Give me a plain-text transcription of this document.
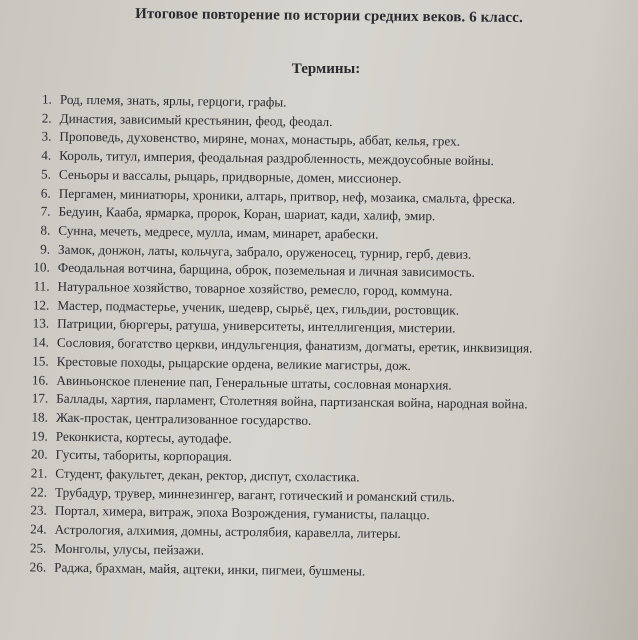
Итоговое повторение по истории средних веков. 6 класс.
Термины:
1. Род, племя, знать, ярлы, герцоги, графы.
2. Династия, зависимый крестьянин, феод, феодал.
3. Проповедь, духовенство, миряне, монах, монастырь, аббат, келья, грех.
4. Король, титул, империя, феодальная раздробленность, междоусобные войны.
5. Сеньоры и вассалы, рыцарь, придворные, домен, миссионер.
6. Пергамен, миниатюры, хроники, алтарь, притвор, неф, мозаика, смальта, фреска.
7. Бедуин, Кааба, ярмарка, пророк, Коран, шариат, кади, халиф, эмир.
8. Сунна, мечеть, медресе, мулла, имам, минарет, арабески.
9. Замок, донжон, латы, кольчуга, забрало, оруженосец, турнир, герб, девиз.
10. Феодальная вотчина, барщина, оброк, поземельная и личная зависимость.
11. Натуральное хозяйство, товарное хозяйство, ремесло, город, коммуна.
12. Мастер, подмастерье, ученик, шедевр, сырьё, цех, гильдии, ростовщик.
13. Патриции, бюргеры, ратуша, университеты, интеллигенция, мистерии.
14. Сословия, богатство церкви, индульгенция, фанатизм, догматы, еретик, инквизиция.
15. Крестовые походы, рыцарские ордена, великие магистры, дож.
16. Авиньонское пленение пап, Генеральные штаты, сословная монархия.
17. Баллады, хартия, парламент, Столетняя война, партизанская война, народная война.
18. Жак-простак, централизованное государство.
19. Реконкиста, кортесы, аутодафе.
20. Гуситы, табориты, корпорация.
21. Студент, факультет, декан, ректор, диспут, схоластика.
22. Трубадур, трувер, миннезингер, вагант, готический и романский стиль.
23. Портал, химера, витраж, эпоха Возрождения, гуманисты, палаццо.
24. Астрология, алхимия, домны, астролябия, каравелла, литеры.
25. Монголы, улусы, пейзажи.
26. Раджа, брахман, майя, ацтеки, инки, пигмеи, бушмены.
